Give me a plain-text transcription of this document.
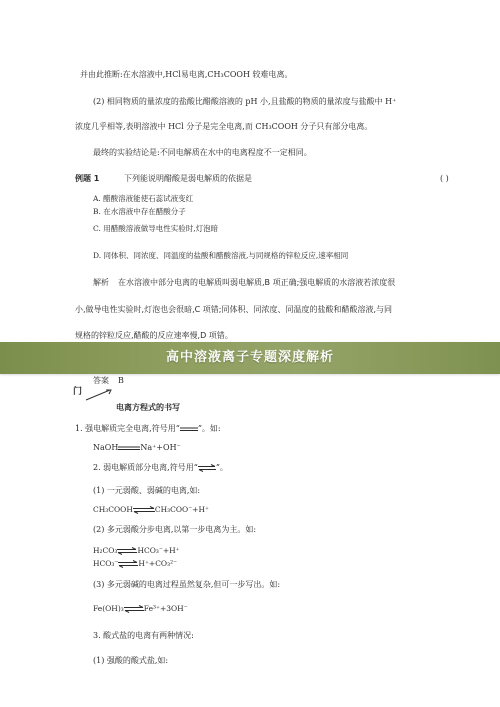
并由此推断:在水溶液中,HCl易电离,CH₃COOH 较难电离。
(2) 相同物质的量浓度的盐酸比醋酸溶液的 pH 小,且盐酸的物质的量浓度与盐酸中 H⁺
浓度几乎相等,表明溶液中 HCl 分子是完全电离,而 CH₃COOH 分子只有部分电离。
最终的实验结论是:不同电解质在水中的电离程度不一定相同。
例题 1	下列能说明醋酸是弱电解质的依据是	( )
A. 醋酸溶液能使石蕊试液变红
B. 在水溶液中存在醋酸分子
C. 用醋酸溶液做导电性实验时,灯泡暗
D. 同体积、同浓度、同温度的盐酸和醋酸溶液,与同规格的锌粒反应,速率相同
解析 在水溶液中部分电离的电解质叫弱电解质,B 项正确;强电解质的水溶液若浓度很
小,做导电性实验时,灯泡也会很暗,C 项错;同体积、同浓度、同温度的盐酸和醋酸溶液,与同
规格的锌粒反应,醋酸的反应速率慢,D 项错。
高中溶液离子专题深度解析
答案 B
门
电离方程式的书写
1. 强电解质完全电离,符号用“ ”。如:
NaOH	Na⁺+OH⁻
2. 弱电解质部分电离,符号用“⇌”。
(1) 一元弱酸、弱碱的电离,如:
CH₃COOH⇌CH₃COO⁻+H⁺
(2) 多元弱酸分步电离,以第一步电离为主。如:
H₂CO₃⇌HCO₃⁻+H⁺
HCO₃⁻⇌H⁺+CO₃²⁻
(3) 多元弱碱的电离过程虽然复杂,但可一步写出。如:
Fe(OH)₃⇌Fe³⁺+3OH⁻
3. 酸式盐的电离有两种情况:
(1) 强酸的酸式盐,如:
